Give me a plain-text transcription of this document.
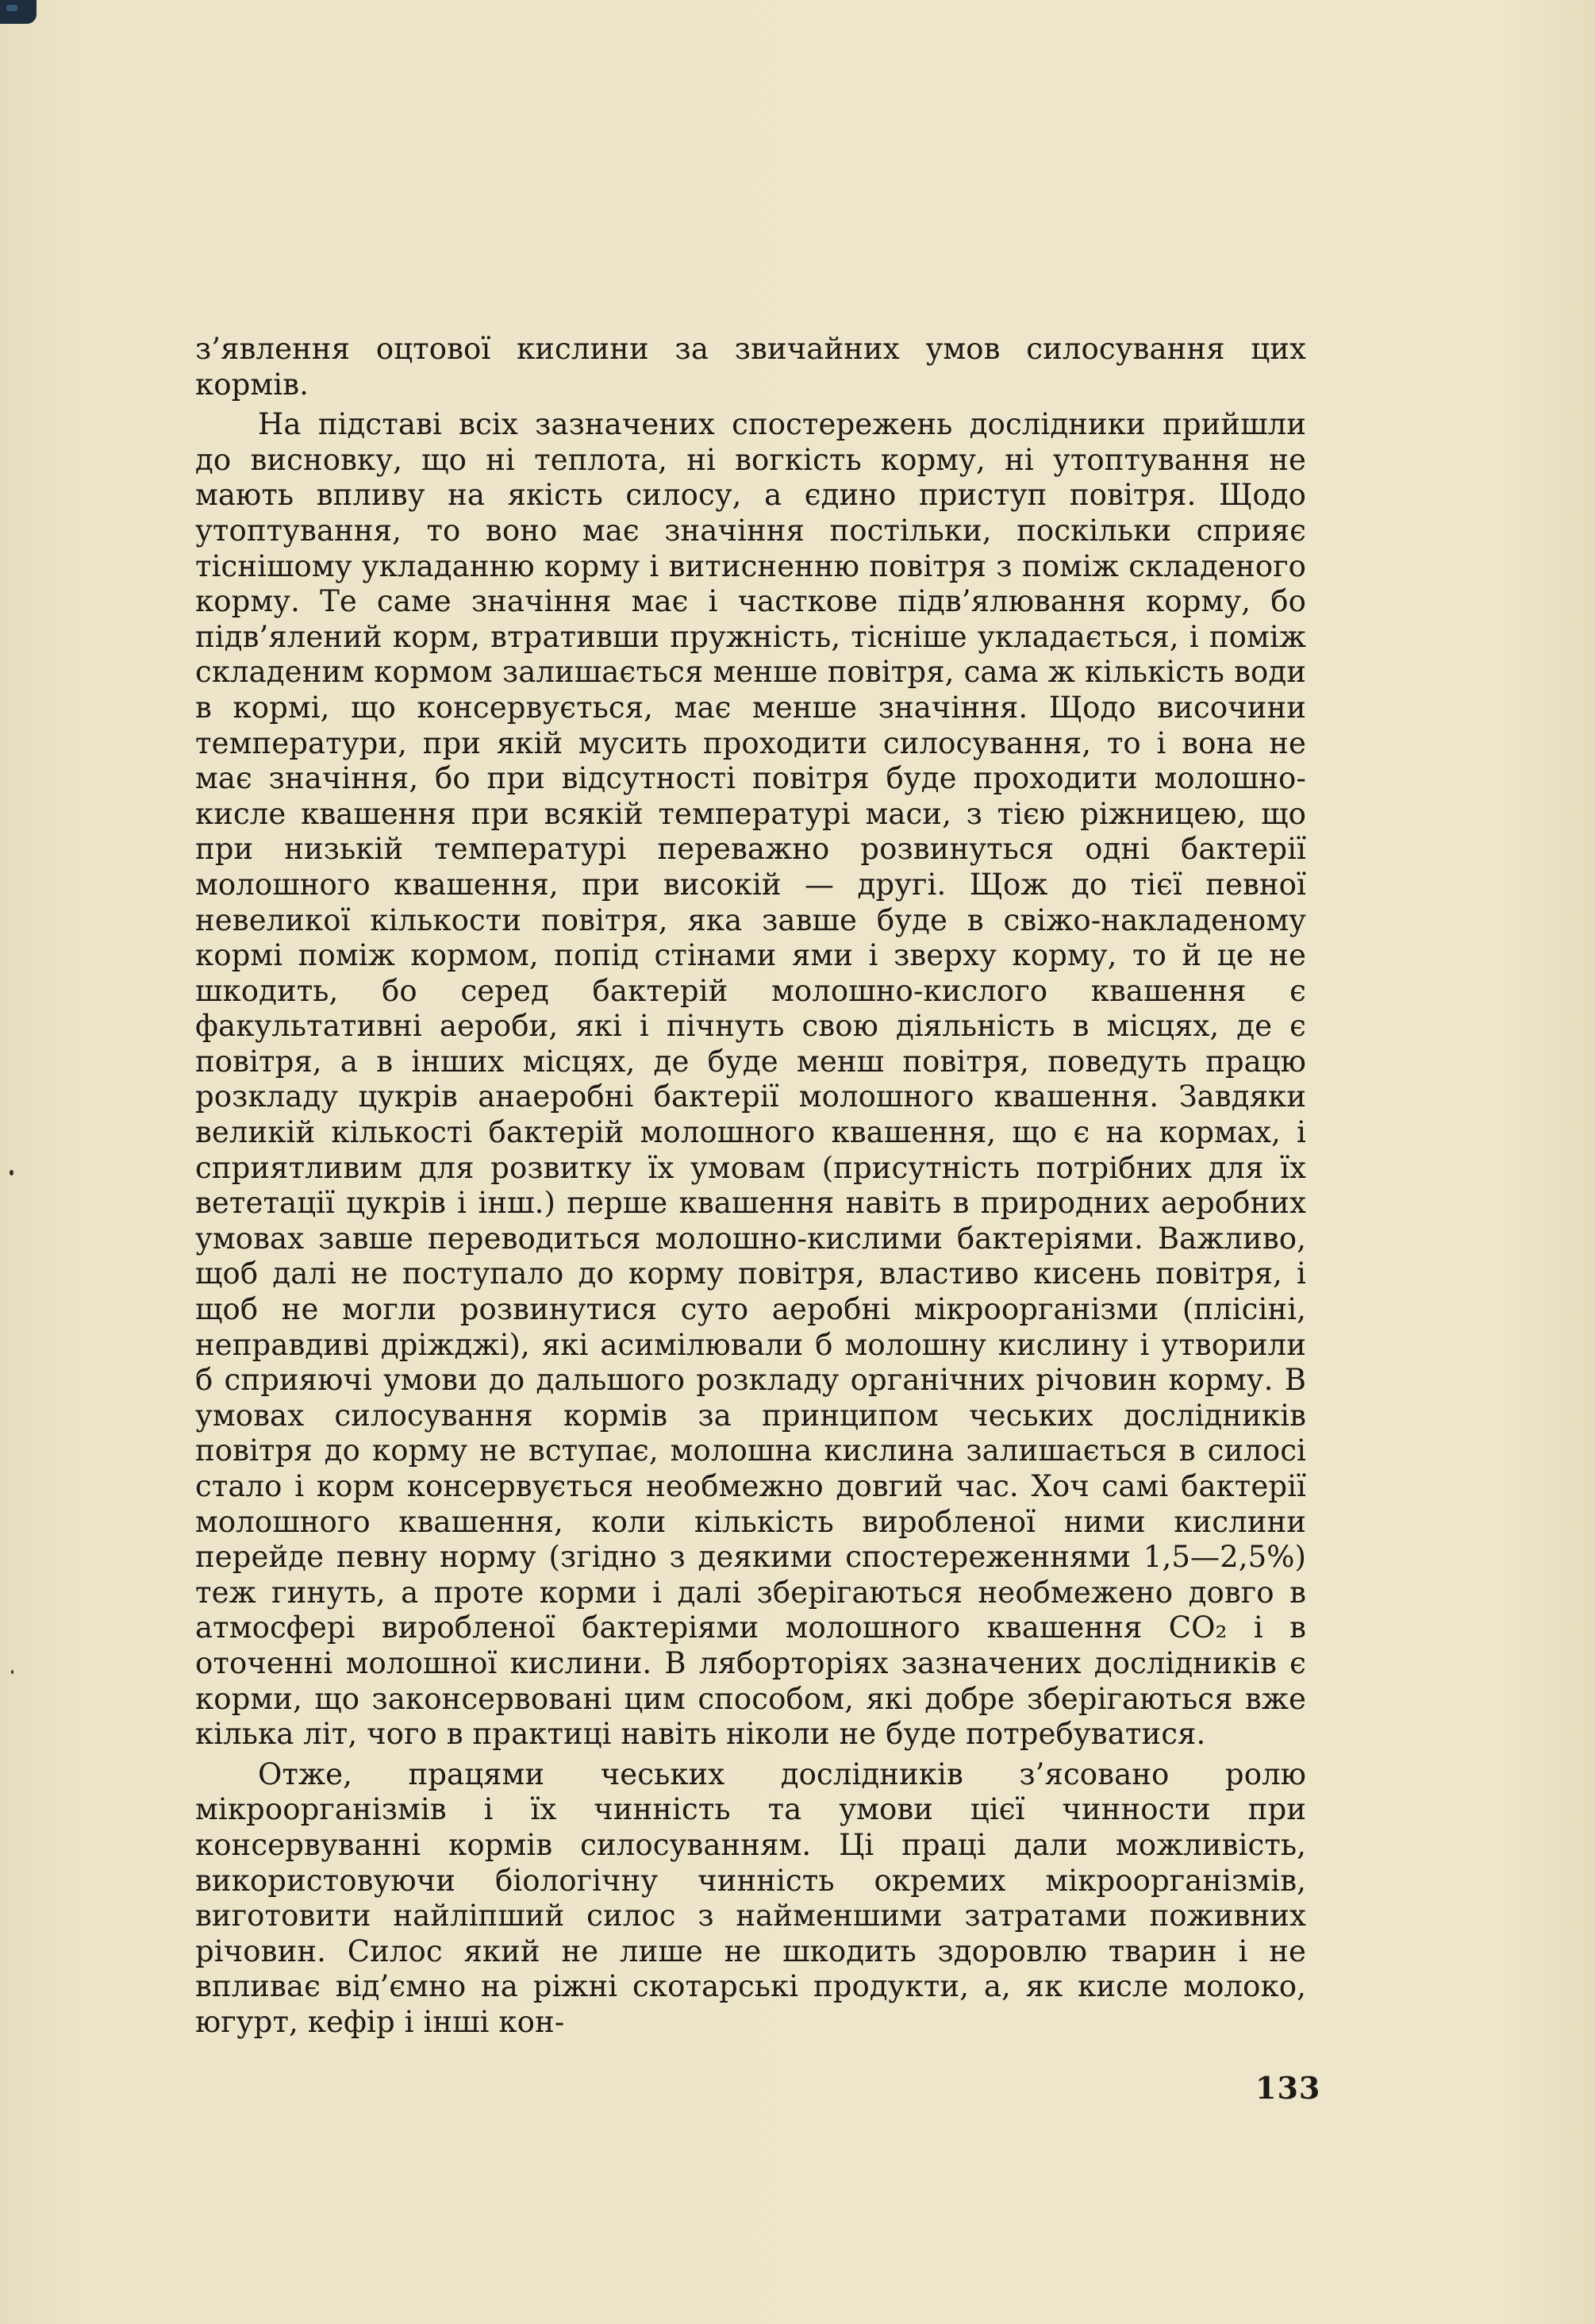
з’явлення оцтової кислини за звичайних умов силосування цих кормів.

На підставі всіх зазначених спостережень дослідники прийшли до висновку, що ні теплота, ні вогкість корму, ні утоптування не мають впливу на якість силосу, а єдино приступ повітря. Щодо утоптування, то воно має значіння постільки, поскільки сприяє тіснішому укладанню корму і витисненню повітря з поміж складеного корму. Те саме значіння має і часткове підв’ялювання корму, бо підв’ялений корм, втративши пружність, тісніше укладається, і поміж складеним кормом залишається менше повітря, сама ж кількість води в кормі, що консервується, має менше значіння. Щодо височини температури, при якій мусить проходити силосування, то і вона не має значіння, бо при відсутності повітря буде проходити молошно-кисле квашення при всякій температурі маси, з тією ріжницею, що при низькій температурі переважно розвинуться одні бактерії молошного квашення, при високій — другі. Щож до тієї певної невеликої кількости повітря, яка завше буде в свіжо-накладеному кормі поміж кормом, попід стінами ями і зверху корму, то й це не шкодить, бо серед бактерій молошно-кислого квашення є факультативні аероби, які і пічнуть свою діяльність в місцях, де є повітря, а в інших місцях, де буде менш повітря, поведуть працю розкладу цукрів анаеробні бактерії молошного квашення. Завдяки великій кількості бактерій молошного квашення, що є на кормах, і сприятливим для розвитку їх умовам (присутність потрібних для їх вететації цукрів і інш.) перше квашення навіть в природних аеробних умовах завше переводиться молошно-кислими бактеріями. Важливо, щоб далі не поступало до корму повітря, властиво кисень повітря, і щоб не могли розвинутися суто аеробні мікроорганізми (плісіні, неправдиві дріжджі), які асимілювали б молошну кислину і утворили б сприяючі умови до дальшого розкладу органічних річовин корму. В умовах силосування кормів за принципом чеських дослідників повітря до корму не вступає, молошна кислина залишається в силосі стало і корм консервується необмежно довгий час. Хоч самі бактерії молошного квашення, коли кількість виробленої ними кислини перейде певну норму (згідно з деякими спостереженнями 1,5—2,5%) теж гинуть, а проте корми і далі зберігаються необмежено довго в атмосфері виробленої бактеріями молошного квашення CO₂ і в оточенні молошної кислини. В ляборторіях зазначених дослідників є корми, що законсервовані цим способом, які добре зберігаються вже кілька літ, чого в практиці навіть ніколи не буде потребуватися.

Отже, працями чеських дослідників з’ясовано ролю мікроорганізмів і їх чинність та умови цієї чинности при консервуванні кормів силосуванням. Ці праці дали можливість, використовуючи біологічну чинність окремих мікроорганізмів, виготовити найліпший силос з найменшими затратами поживних річовин. Силос який не лише не шкодить здоровлю тварин і не впливає від’ємно на ріжні скотарські продукти, а, як кисле молоко, югурт, кефір і інші кон-

133
